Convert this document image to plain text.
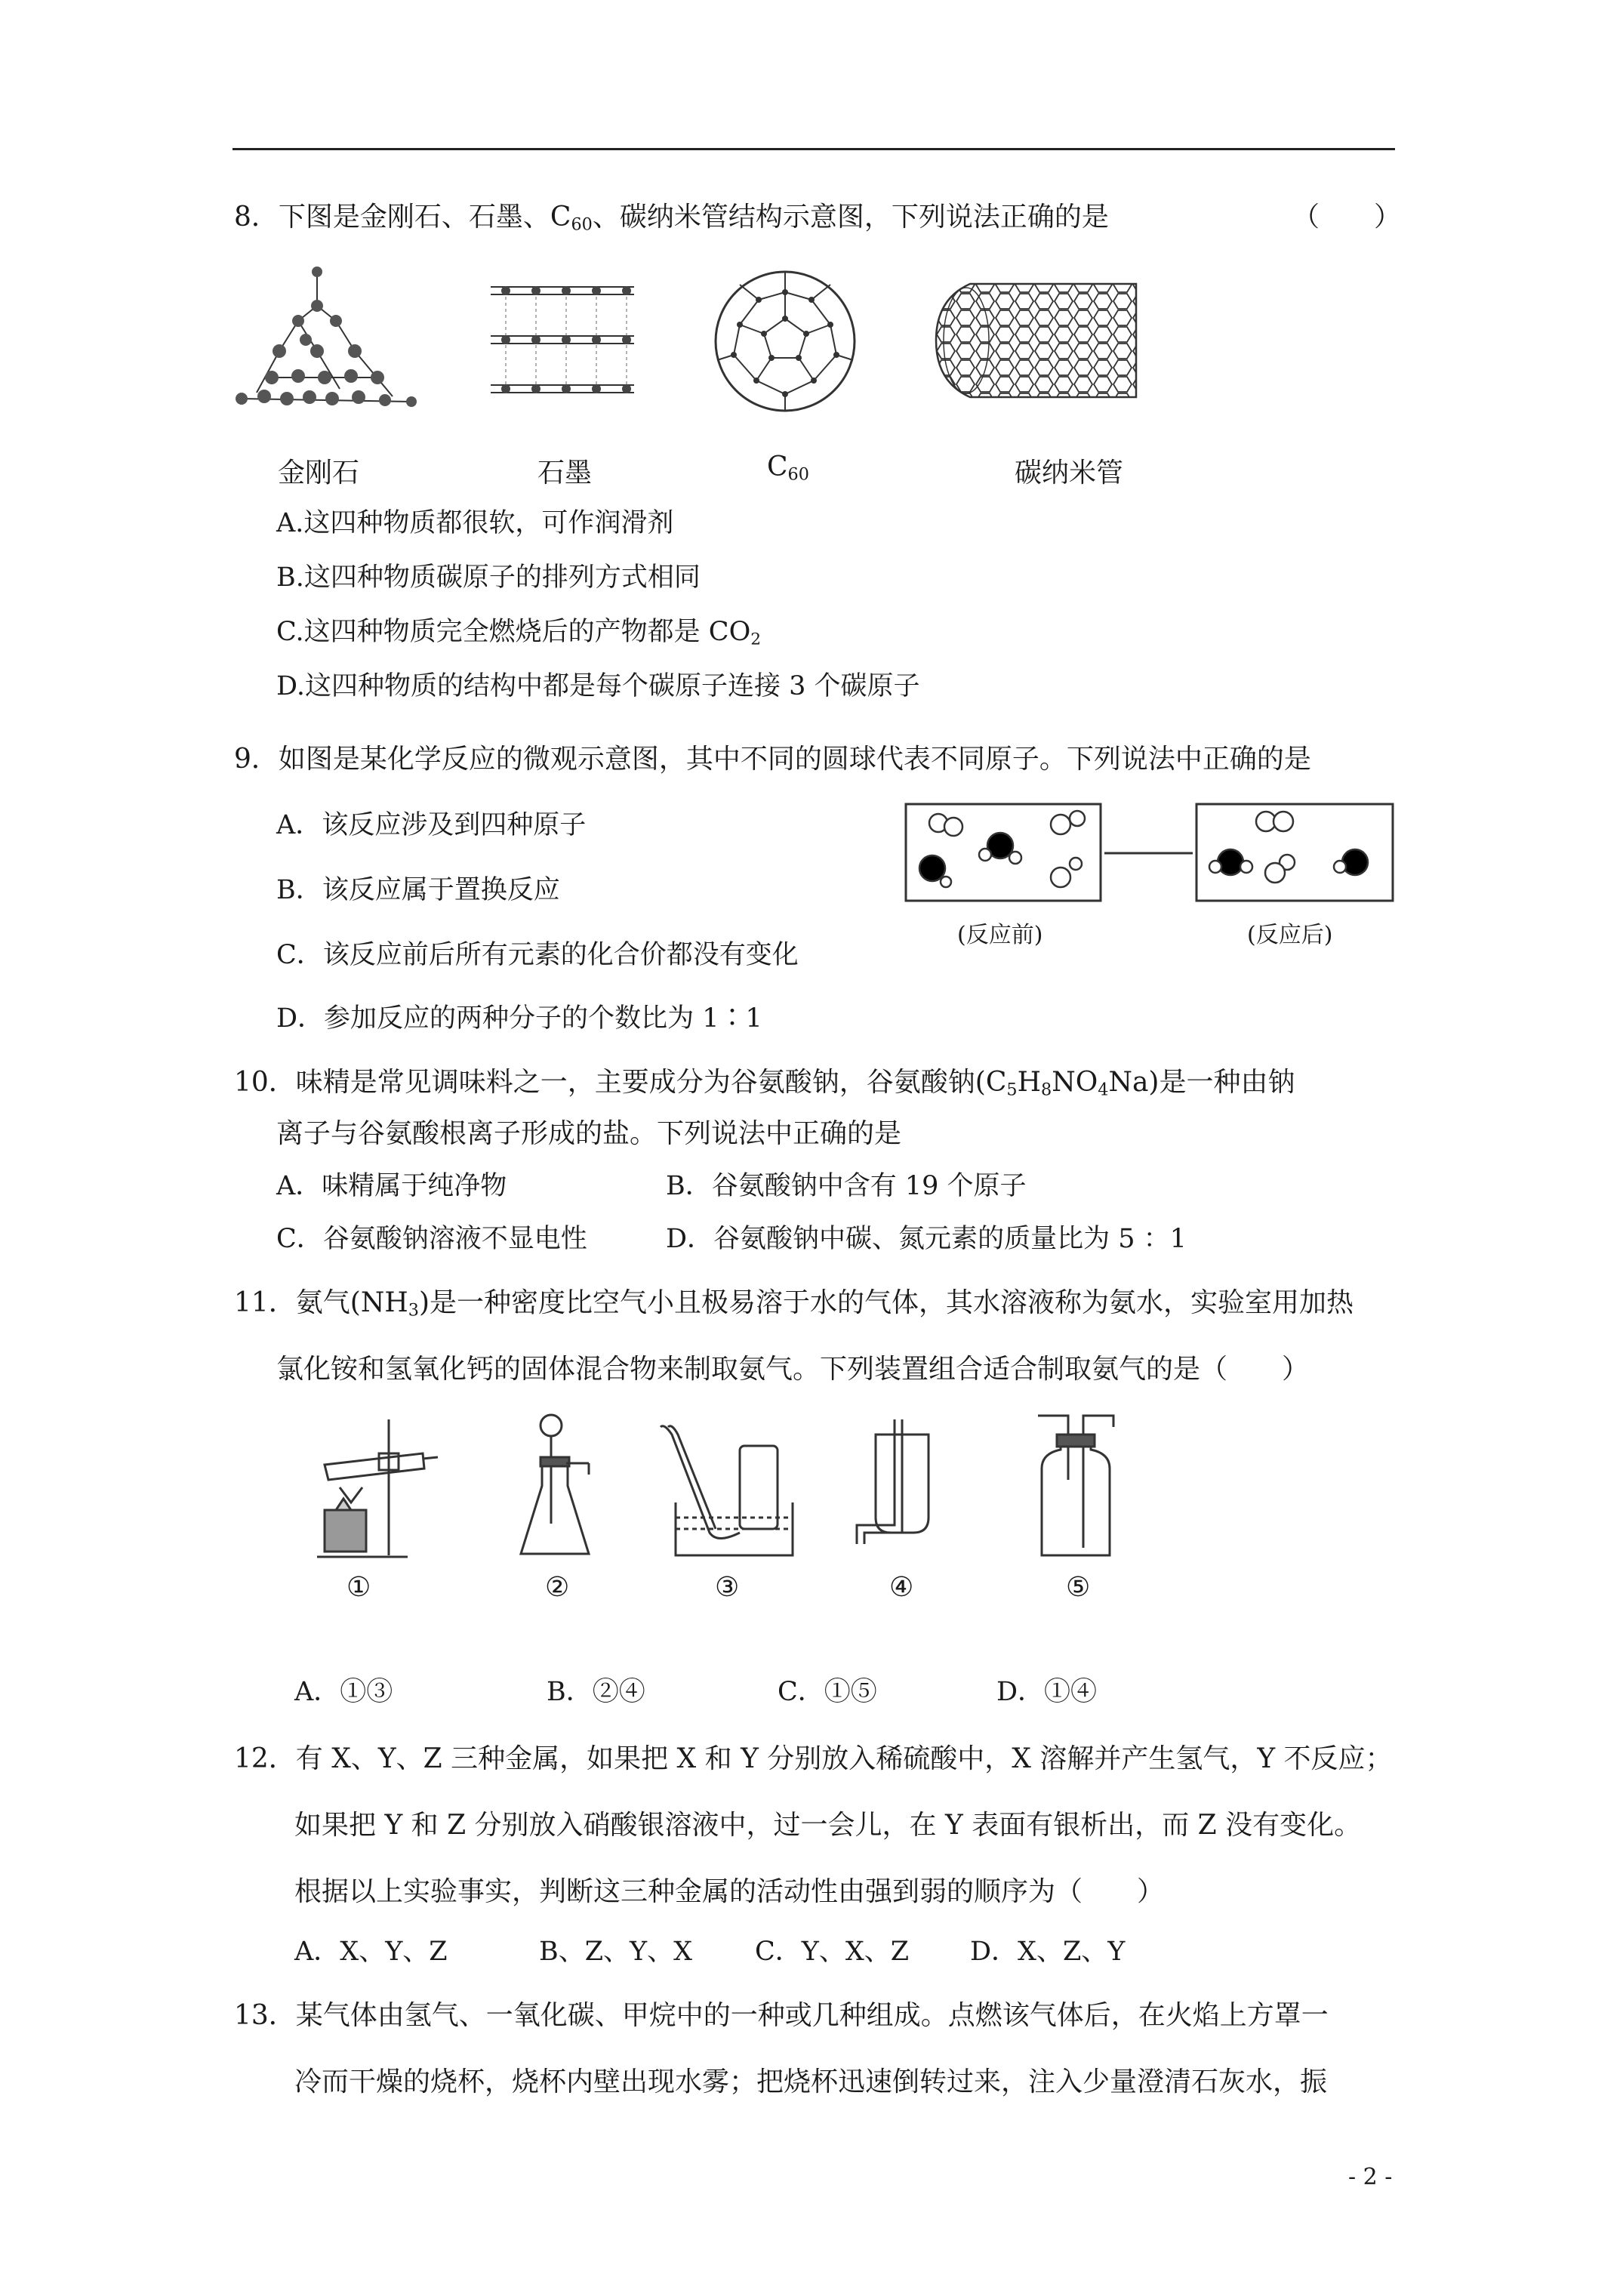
8．下图是金刚石、石墨、$C_{60}$、碳纳米管结构示意图，下列说法正确的是	（　　）
金刚石	石墨	$C_{60}$	碳纳米管
A.这四种物质都很软，可作润滑剂
B.这四种物质碳原子的排列方式相同
C.这四种物质完全燃烧后的产物都是 $CO_2$
D.这四种物质的结构中都是每个碳原子连接 3 个碳原子
9．如图是某化学反应的微观示意图，其中不同的圆球代表不同原子。下列说法中正确的是
A．该反应涉及到四种原子
B．该反应属于置换反应
C．该反应前后所有元素的化合价都没有变化
D．参加反应的两种分子的个数比为 1∶1
(反应前)	(反应后)
10．味精是常见调味料之一，主要成分为谷氨酸钠，谷氨酸钠$(C_5H_8NO_4Na)$是一种由钠
离子与谷氨酸根离子形成的盐。下列说法中正确的是
A．味精属于纯净物	B．谷氨酸钠中含有 19 个原子
C．谷氨酸钠溶液不显电性	D．谷氨酸钠中碳、氮元素的质量比为 5 ：1
11．氨气$(NH_3)$是一种密度比空气小且极易溶于水的气体，其水溶液称为氨水，实验室用加热
氯化铵和氢氧化钙的固体混合物来制取氨气。下列装置组合适合制取氨气的是（　　）
①	②	③	④	⑤
A．①③	B．②④	C．①⑤	D．①④
12．有 X、Y、Z 三种金属，如果把 X 和 Y 分别放入稀硫酸中，X 溶解并产生氢气，Y 不反应；
如果把 Y 和 Z 分别放入硝酸银溶液中，过一会儿，在 Y 表面有银析出，而 Z 没有变化。
根据以上实验事实，判断这三种金属的活动性由强到弱的顺序为（　　）
A．X、Y、Z	B、Z、Y、X C．Y、X、Z D．X、Z、Y
13．某气体由氢气、一氧化碳、甲烷中的一种或几种组成。点燃该气体后，在火焰上方罩一
冷而干燥的烧杯，烧杯内壁出现水雾；把烧杯迅速倒转过来，注入少量澄清石灰水，振
- 2 -
